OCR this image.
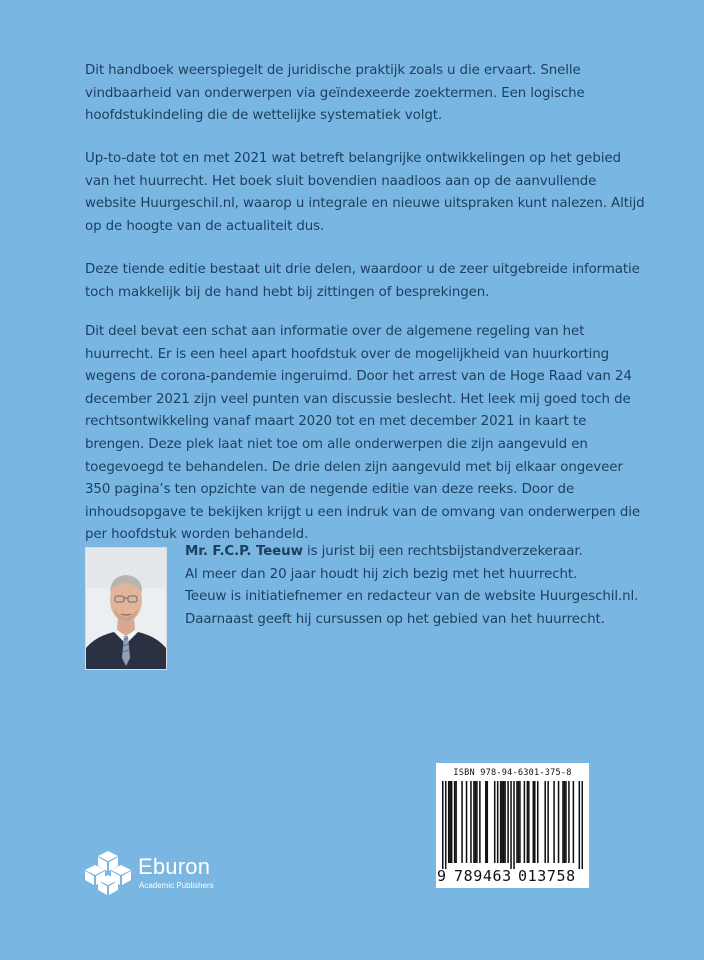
Dit handboek weerspiegelt de juridische praktijk zoals u die ervaart. Snelle vindbaarheid van onderwerpen via geïndexeerde zoektermen. Een logische hoofdstukindeling die de wettelijke systematiek volgt.

Up-to-date tot en met 2021 wat betreft belangrijke ontwikkelingen op het gebied van het huurrecht. Het boek sluit bovendien naadloos aan op de aanvullende website Huurgeschil.nl, waarop u integrale en nieuwe uitspraken kunt nalezen. Altijd op de hoogte van de actualiteit dus.

Deze tiende editie bestaat uit drie delen, waardoor u de zeer uitgebreide informatie toch makkelijk bij de hand hebt bij zittingen of besprekingen.

Dit deel bevat een schat aan informatie over de algemene regeling van het huurrecht. Er is een heel apart hoofdstuk over de mogelijkheid van huurkorting wegens de corona-pandemie ingeruimd. Door het arrest van de Hoge Raad van 24 december 2021 zijn veel punten van discussie beslecht. Het leek mij goed toch de rechtsontwikkeling vanaf maart 2020 tot en met december 2021 in kaart te brengen. Deze plek laat niet toe om alle onderwerpen die zijn aangevuld en toegevoegd te behandelen. De drie delen zijn aangevuld met bij elkaar ongeveer 350 pagina’s ten opzichte van de negende editie van deze reeks. Door de inhoudsopgave te bekijken krijgt u een indruk van de omvang van onderwerpen die per hoofdstuk worden behandeld.

Mr. F.C.P. Teeuw is jurist bij een rechtsbijstandverzekeraar.
Al meer dan 20 jaar houdt hij zich bezig met het huurrecht.
Teeuw is initiatiefnemer en redacteur van de website Huurgeschil.nl.
Daarnaast geeft hij cursussen op het gebied van het huurrecht.
ISBN 978-94-6301-375-8
9 789463 013758
Eburon
Academic Publishers
